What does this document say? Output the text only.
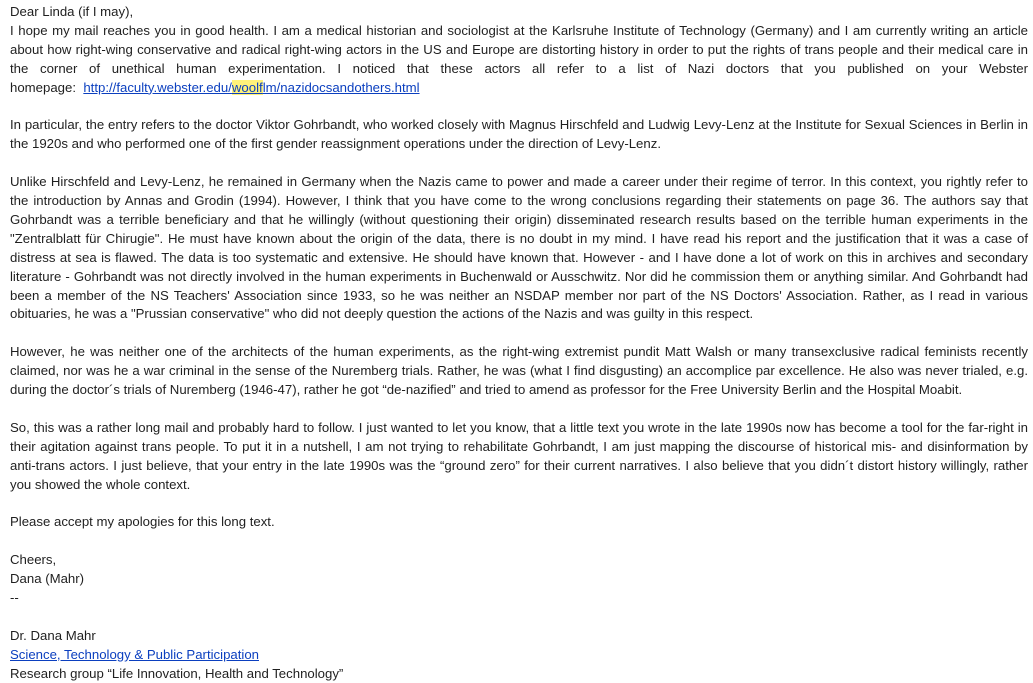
Dear Linda (if I may),
I hope my mail reaches you in good health. I am a medical historian and sociologist at the Karlsruhe Institute of Technology (Germany) and I am currently writing an article about how right-wing conservative and radical right-wing actors in the US and Europe are distorting history in order to put the rights of trans people and their medical care in the corner of unethical human experimentation. I noticed that these actors all refer to a list of Nazi doctors that you published on your Webster homepage: http://faculty.webster.edu/woolflm/nazidocsandothers.html
In particular, the entry refers to the doctor Viktor Gohrbandt, who worked closely with Magnus Hirschfeld and Ludwig Levy-Lenz at the Institute for Sexual Sciences in Berlin in the 1920s and who performed one of the first gender reassignment operations under the direction of Levy-Lenz.
Unlike Hirschfeld and Levy-Lenz, he remained in Germany when the Nazis came to power and made a career under their regime of terror. In this context, you rightly refer to the introduction by Annas and Grodin (1994). However, I think that you have come to the wrong conclusions regarding their statements on page 36. The authors say that Gohrbandt was a terrible beneficiary and that he willingly (without questioning their origin) disseminated research results based on the terrible human experiments in the "Zentralblatt für Chirugie". He must have known about the origin of the data, there is no doubt in my mind. I have read his report and the justification that it was a case of distress at sea is flawed. The data is too systematic and extensive. He should have known that. However - and I have done a lot of work on this in archives and secondary literature - Gohrbandt was not directly involved in the human experiments in Buchenwald or Ausschwitz. Nor did he commission them or anything similar. And Gohrbandt had been a member of the NS Teachers' Association since 1933, so he was neither an NSDAP member nor part of the NS Doctors' Association. Rather, as I read in various obituaries, he was a "Prussian conservative" who did not deeply question the actions of the Nazis and was guilty in this respect.
However, he was neither one of the architects of the human experiments, as the right-wing extremist pundit Matt Walsh or many transexclusive radical feminists recently claimed, nor was he a war criminal in the sense of the Nuremberg trials. Rather, he was (what I find disgusting) an accomplice par excellence. He also was never trialed, e.g. during the doctor´s trials of Nuremberg (1946-47), rather he got “de-nazified” and tried to amend as professor for the Free University Berlin and the Hospital Moabit.
So, this was a rather long mail and probably hard to follow. I just wanted to let you know, that a little text you wrote in the late 1990s now has become a tool for the far-right in their agitation against trans people. To put it in a nutshell, I am not trying to rehabilitate Gohrbandt, I am just mapping the discourse of historical mis- and disinformation by anti-trans actors. I just believe, that your entry in the late 1990s was the “ground zero” for their current narratives. I also believe that you didn´t distort history willingly, rather you showed the whole context.
Please accept my apologies for this long text.
Cheers,
Dana (Mahr)
--
Dr. Dana Mahr
Science, Technology & Public Participation
Research group “Life Innovation, Health and Technology”
